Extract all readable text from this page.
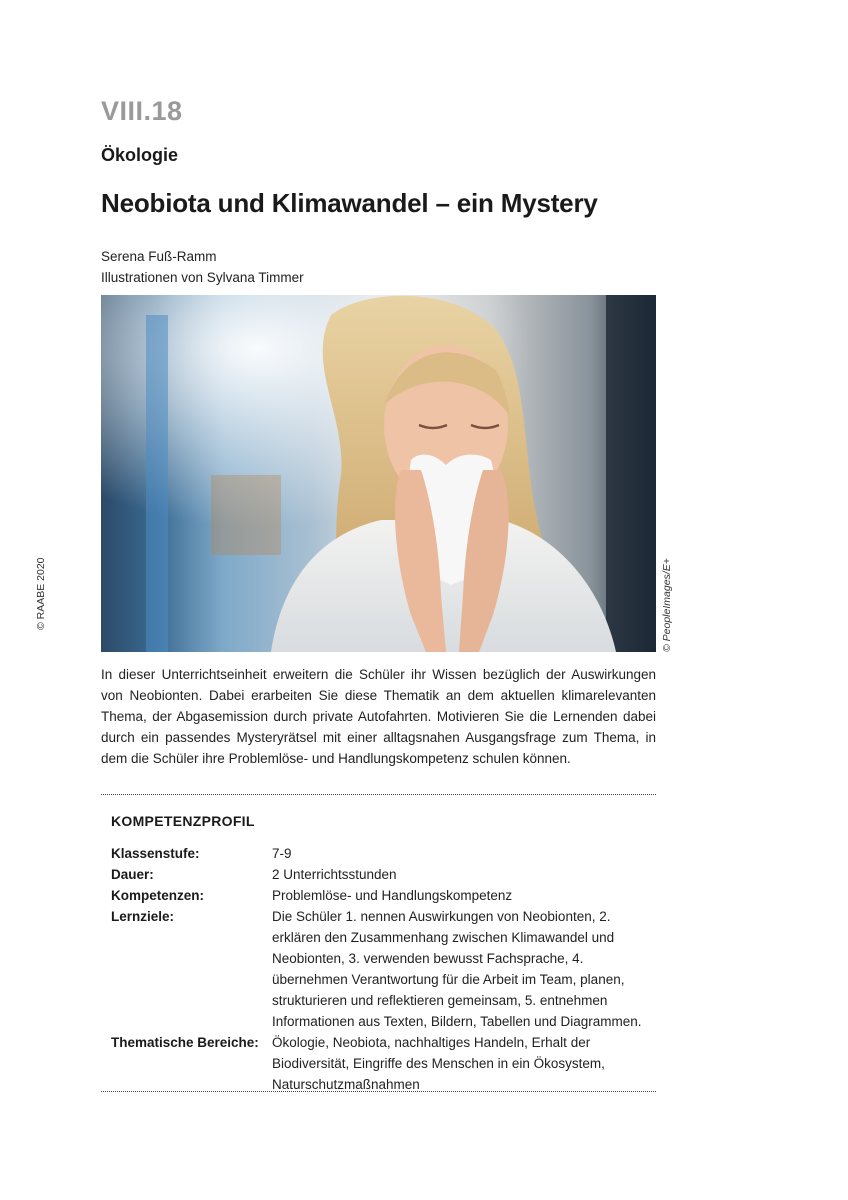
VIII.18
Ökologie
Neobiota und Klimawandel – ein Mystery
Serena Fuß-Ramm
Illustrationen von Sylvana Timmer
© RAABE 2020	© PeopleImages/E+
In dieser Unterrichtseinheit erweitern die Schüler ihr Wissen bezüglich der Auswirkungen von Neobionten. Dabei erarbeiten Sie diese Thematik an dem aktuellen klimarelevanten Thema, der Abgasemission durch private Autofahrten. Motivieren Sie die Lernenden dabei durch ein passendes Mysteryrätsel mit einer alltagsnahen Ausgangsfrage zum Thema, in dem die Schüler ihre Problemlöse- und Handlungskompetenz schulen können.
KOMPETENZPROFIL
Klassenstufe:	7-9
Dauer:	2 Unterrichtsstunden
Kompetenzen:	Problemlöse- und Handlungskompetenz
Lernziele:	Die Schüler 1. nennen Auswirkungen von Neobionten, 2. erklären den Zusammenhang zwischen Klimawandel und Neobionten, 3. verwenden bewusst Fachsprache, 4. übernehmen Verantwortung für die Arbeit im Team, planen, strukturieren und reflektieren gemeinsam, 5. entnehmen Informationen aus Texten, Bildern, Tabellen und Diagrammen.
Thematische Bereiche: Ökologie, Neobiota, nachhaltiges Handeln, Erhalt der Biodiversität, Eingriffe des Menschen in ein Ökosystem, Naturschutzmaßnahmen
